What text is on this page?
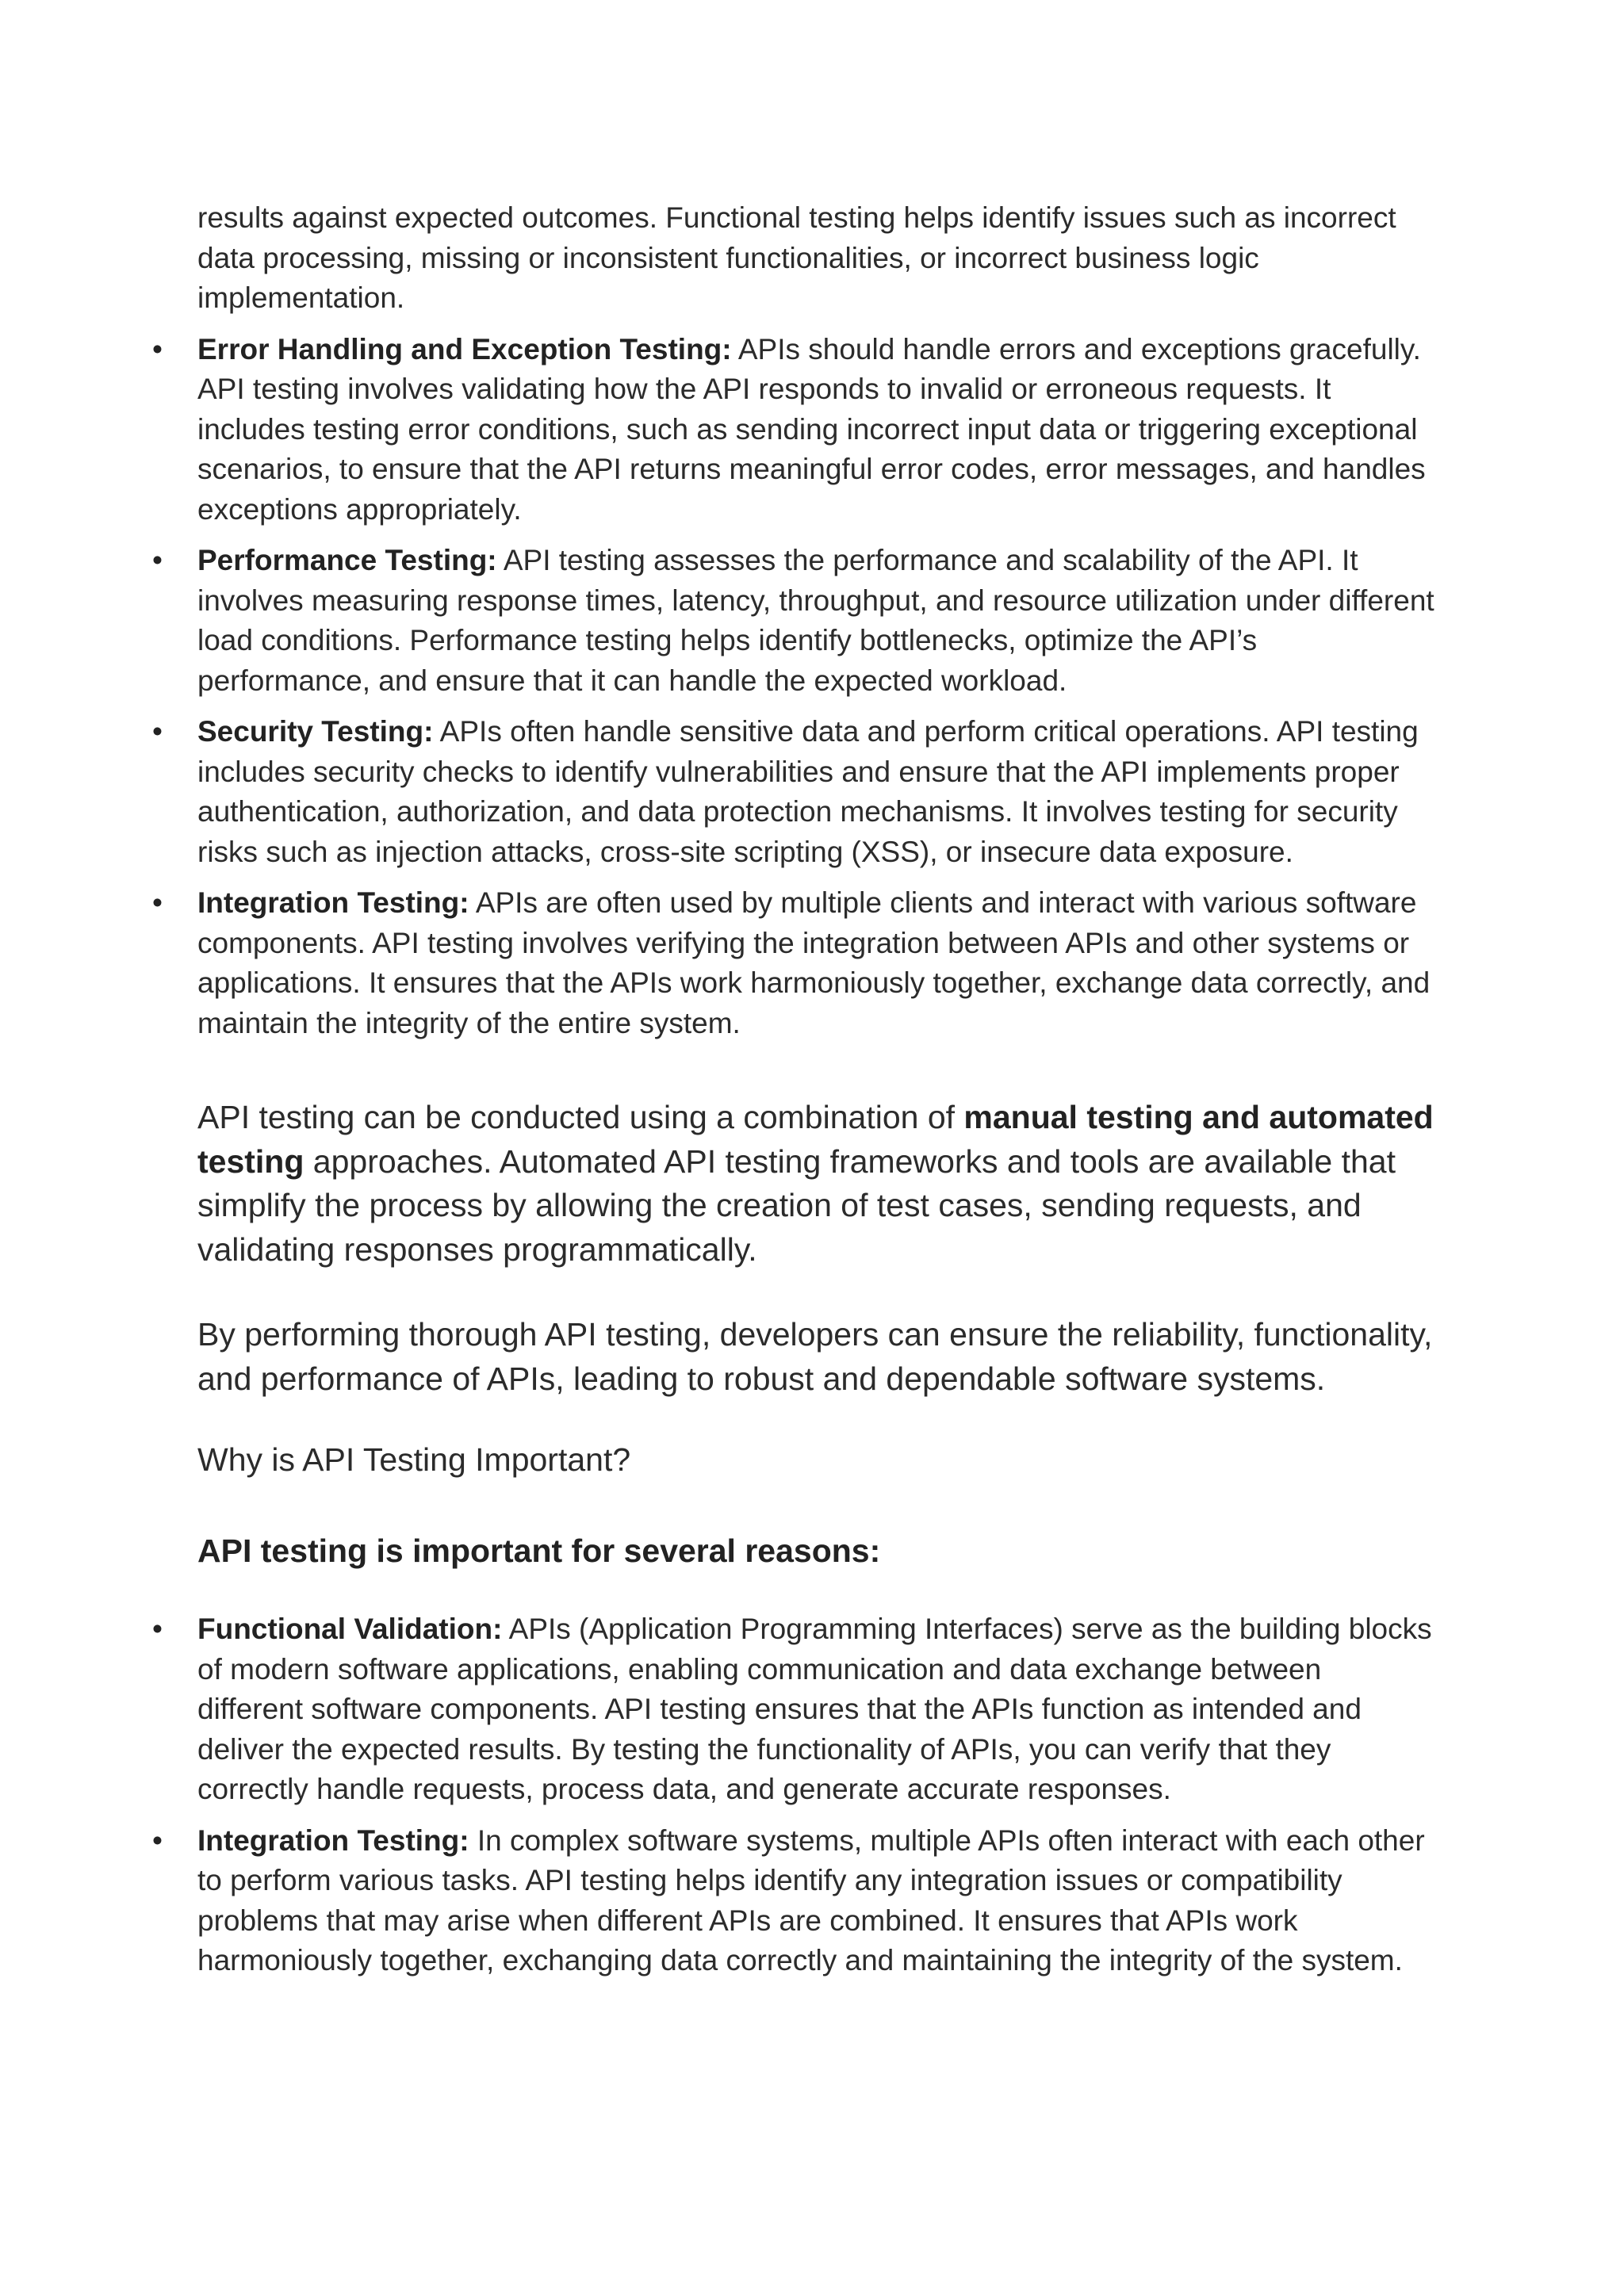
results against expected outcomes. Functional testing helps identify issues such as incorrect data processing, missing or inconsistent functionalities, or incorrect business logic implementation.

• Error Handling and Exception Testing: APIs should handle errors and exceptions gracefully. API testing involves validating how the API responds to invalid or erroneous requests. It includes testing error conditions, such as sending incorrect input data or triggering exceptional scenarios, to ensure that the API returns meaningful error codes, error messages, and handles exceptions appropriately.

• Performance Testing: API testing assesses the performance and scalability of the API. It involves measuring response times, latency, throughput, and resource utilization under different load conditions. Performance testing helps identify bottlenecks, optimize the API’s performance, and ensure that it can handle the expected workload.

• Security Testing: APIs often handle sensitive data and perform critical operations. API testing includes security checks to identify vulnerabilities and ensure that the API implements proper authentication, authorization, and data protection mechanisms. It involves testing for security risks such as injection attacks, cross-site scripting (XSS), or insecure data exposure.

• Integration Testing: APIs are often used by multiple clients and interact with various software components. API testing involves verifying the integration between APIs and other systems or applications. It ensures that the APIs work harmoniously together, exchange data correctly, and maintain the integrity of the entire system.

API testing can be conducted using a combination of manual testing and automated testing approaches. Automated API testing frameworks and tools are available that simplify the process by allowing the creation of test cases, sending requests, and validating responses programmatically.

By performing thorough API testing, developers can ensure the reliability, functionality, and performance of APIs, leading to robust and dependable software systems.

Why is API Testing Important?
API testing is important for several reasons:
• Functional Validation: APIs (Application Programming Interfaces) serve as the building blocks of modern software applications, enabling communication and data exchange between different software components. API testing ensures that the APIs function as intended and deliver the expected results. By testing the functionality of APIs, you can verify that they correctly handle requests, process data, and generate accurate responses.

• Integration Testing: In complex software systems, multiple APIs often interact with each other to perform various tasks. API testing helps identify any integration issues or compatibility problems that may arise when different APIs are combined. It ensures that APIs work harmoniously together, exchanging data correctly and maintaining the integrity of the system.
